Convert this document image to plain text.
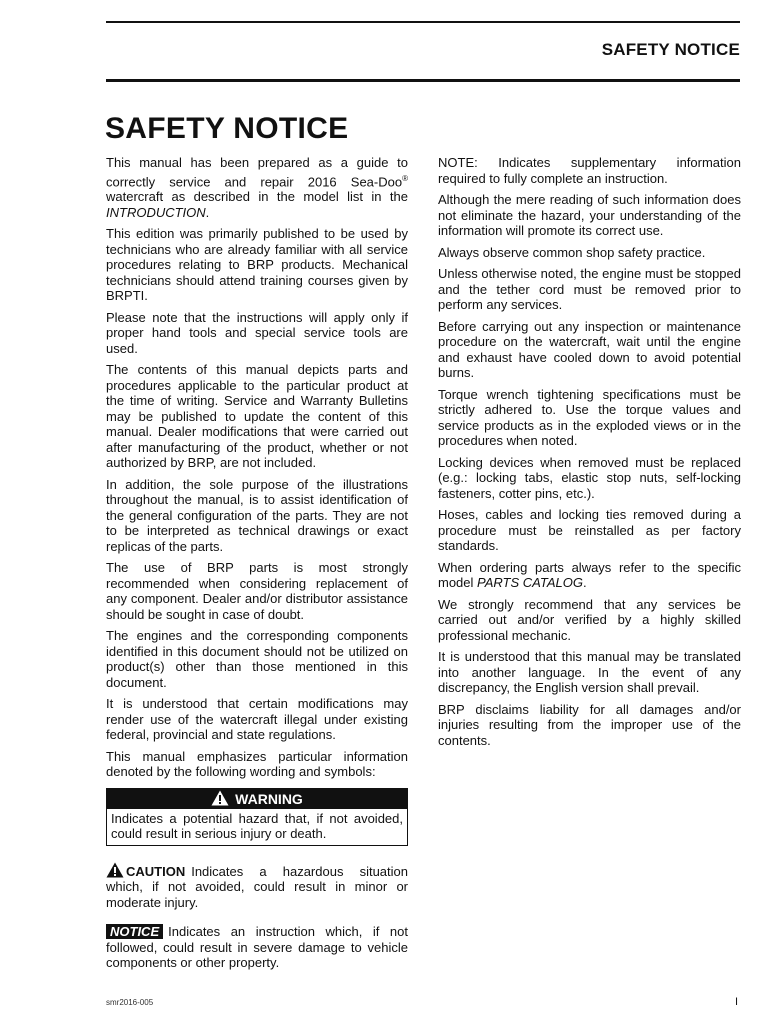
SAFETY NOTICE
SAFETY NOTICE

This manual has been prepared as a guide to correctly service and repair 2016 Sea-Doo® watercraft as described in the model list in the INTRODUCTION.

This edition was primarily published to be used by technicians who are already familiar with all service procedures relating to BRP products. Mechanical technicians should attend training courses given by BRPTI.

Please note that the instructions will apply only if proper hand tools and special service tools are used.

The contents of this manual depicts parts and procedures applicable to the particular product at the time of writing. Service and Warranty Bulletins may be published to update the content of this manual. Dealer modifications that were carried out after manufacturing of the product, whether or not authorized by BRP, are not included.

In addition, the sole purpose of the illustrations throughout the manual, is to assist identification of the general configuration of the parts. They are not to be interpreted as technical drawings or exact replicas of the parts.

The use of BRP parts is most strongly recommended when considering replacement of any component. Dealer and/or distributor assistance should be sought in case of doubt.

The engines and the corresponding components identified in this document should not be utilized on product(s) other than those mentioned in this document.

It is understood that certain modifications may render use of the watercraft illegal under existing federal, provincial and state regulations.

This manual emphasizes particular information denoted by the following wording and symbols:

WARNING
Indicates a potential hazard that, if not avoided, could result in serious injury or death.

CAUTION Indicates a hazardous situation which, if not avoided, could result in minor or moderate injury.

NOTICE Indicates an instruction which, if not followed, could result in severe damage to vehicle components or other property.

NOTE: Indicates supplementary information required to fully complete an instruction.

Although the mere reading of such information does not eliminate the hazard, your understanding of the information will promote its correct use.

Always observe common shop safety practice.

Unless otherwise noted, the engine must be stopped and the tether cord must be removed prior to perform any services.

Before carrying out any inspection or maintenance procedure on the watercraft, wait until the engine and exhaust have cooled down to avoid potential burns.

Torque wrench tightening specifications must be strictly adhered to. Use the torque values and service products as in the exploded views or in the procedures when noted.

Locking devices when removed must be replaced (e.g.: locking tabs, elastic stop nuts, self-locking fasteners, cotter pins, etc.).

Hoses, cables and locking ties removed during a procedure must be reinstalled as per factory standards.

When ordering parts always refer to the specific model PARTS CATALOG.

We strongly recommend that any services be carried out and/or verified by a highly skilled professional mechanic.

It is understood that this manual may be translated into another language. In the event of any discrepancy, the English version shall prevail.

BRP disclaims liability for all damages and/or injuries resulting from the improper use of the contents.

smr2016-005	I
